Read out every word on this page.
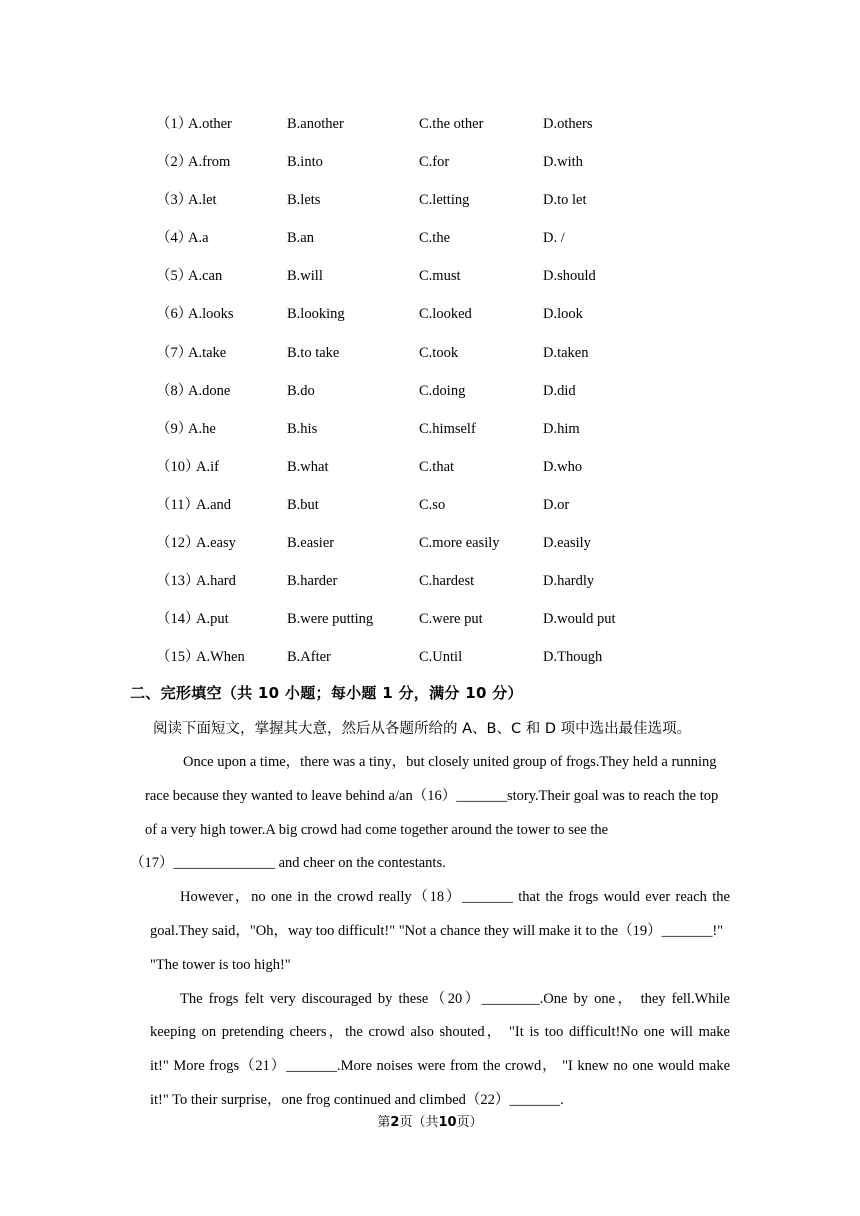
（1）
A.other	B.another	C.the other	D.others
（2）
A.from	B.into	C.for	D.with
（3）
A.let	B.lets	C.letting	D.to let
（4）
A.a	B.an	C.the	D. /
（5）
A.can	B.will	C.must	D.should
（6）
A.looks	B.looking	C.looked	D.look
（7）
A.take	B.to take	C.took	D.taken
（8）
A.done	B.do	C.doing	D.did
（9）
A.he	B.his	C.himself	D.him
（10）
A.if	B.what	C.that	D.who
（11）
A.and	B.but	C.so	D.or
（12）
A.easy	B.easier	C.more easily	D.easily
（13）
A.hard	B.harder	C.hardest	D.hardly
（14）
A.put	B.were putting	C.were put	D.would put
（15）
A.When	B.After	C.Until	D.Though
二、完形填空（共 10 小题；每小题 1 分，满分 10 分）
阅读下面短文，掌握其大意，然后从各题所给的 A、B、C 和 D 项中选出最佳选项。
Once upon a time，there was a tiny，but closely united group of frogs.They held a running
race because they wanted to leave behind a/an（16）_______story.Their goal was to reach the top
of a very high tower.A big crowd had come together around the tower to see the
（17）______________ and cheer on the contestants.
However，no one in the crowd really（18）_______ that the frogs would ever reach the
goal.They said，"Oh，way too difficult!" "Not a chance they will make it to the（19）_______!"
"The tower is too high!"
The frogs felt very discouraged by these（20）________.One by one， they fell.While
keeping on pretending cheers，the crowd also shouted， "It is too difficult!No one will make
it!" More frogs（21）_______.More noises were from the crowd， "I knew no one would make
it!" To their surprise，one frog continued and climbed（22）_______.
第2页（共10页）
